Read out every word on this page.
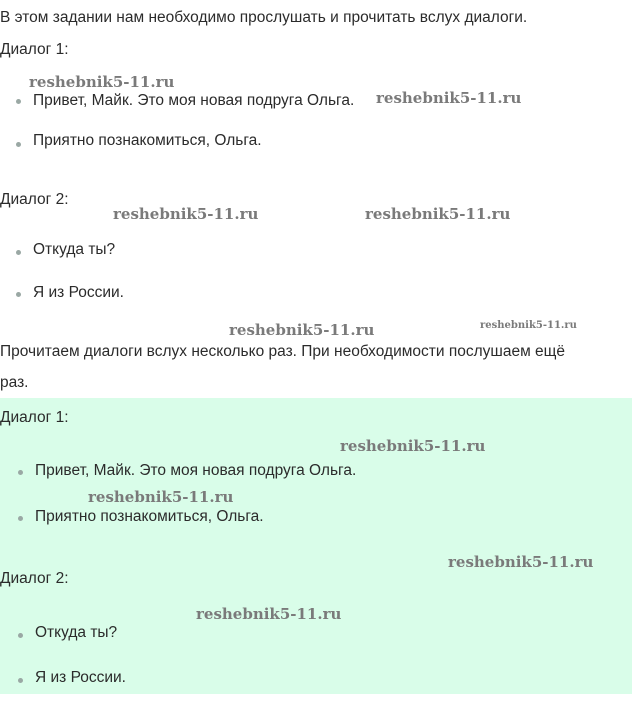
В этом задании нам необходимо прослушать и прочитать вслух диалоги.
Диалог 1:
Привет, Майк. Это моя новая подруга Ольга.
Приятно познакомиться, Ольга.
Диалог 2:
Откуда ты?
Я из России.
Прочитаем диалоги вслух несколько раз. При необходимости послушаем ещё
раз.
Диалог 1:
Привет, Майк. Это моя новая подруга Ольга.
Приятно познакомиться, Ольга.
Диалог 2:
Откуда ты?
Я из России.
reshebnik5-11.ru
reshebnik5-11.ru
reshebnik5-11.ru	reshebnik5-11.ru
reshebnik5-11.ru	reshebnik5-11.ru
reshebnik5-11.ru
reshebnik5-11.ru
reshebnik5-11.ru
reshebnik5-11.ru
